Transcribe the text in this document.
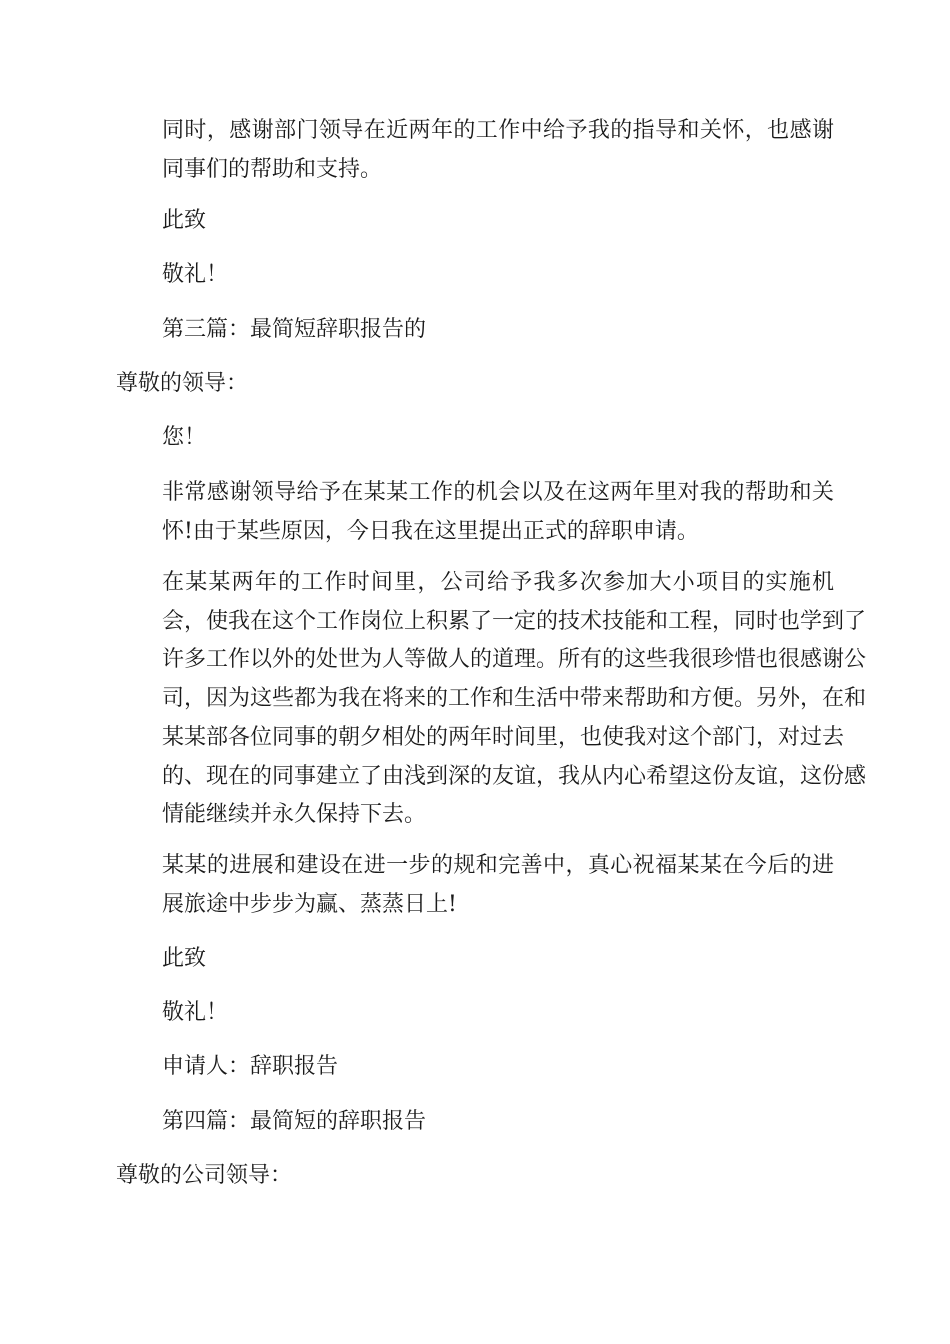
同时，感谢部门领导在近两年的工作中给予我的指导和关怀，也感谢
同事们的帮助和支持。
此致
敬礼！
第三篇：最简短辞职报告的
尊敬的领导：
您！
非常感谢领导给予在某某工作的机会以及在这两年里对我的帮助和关
怀!由于某些原因，今日我在这里提出正式的辞职申请。
在某某两年的工作时间里，公司给予我多次参加大小项目的实施机
会，使我在这个工作岗位上积累了一定的技术技能和工程，同时也学到了
许多工作以外的处世为人等做人的道理。所有的这些我很珍惜也很感谢公
司，因为这些都为我在将来的工作和生活中带来帮助和方便。另外，在和
某某部各位同事的朝夕相处的两年时间里，也使我对这个部门，对过去
的、现在的同事建立了由浅到深的友谊，我从内心希望这份友谊，这份感
情能继续并永久保持下去。
某某的进展和建设在进一步的规和完善中，真心祝福某某在今后的进
展旅途中步步为赢、蒸蒸日上!
此致
敬礼！
申请人：辞职报告
第四篇：最简短的辞职报告
尊敬的公司领导：
